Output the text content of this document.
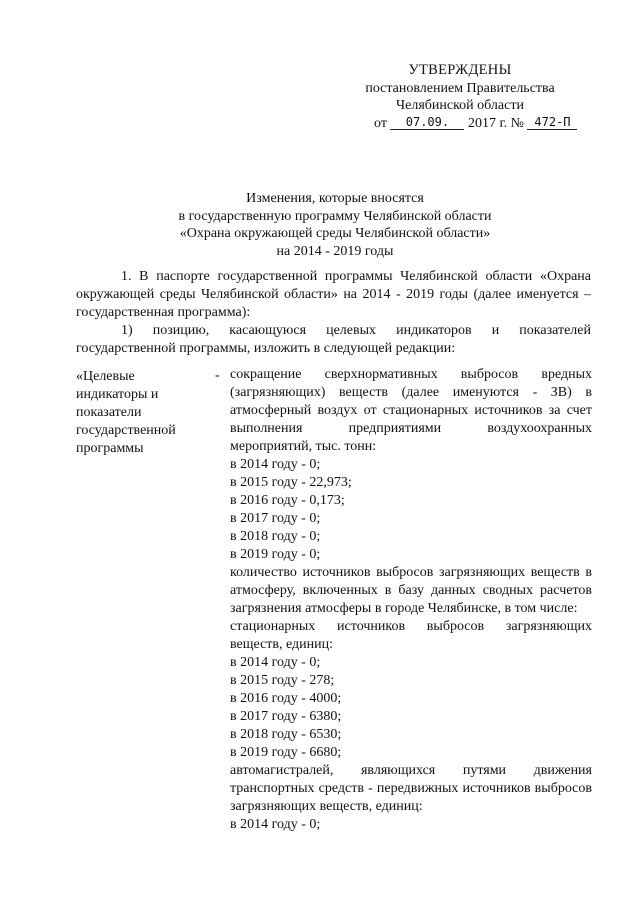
УТВЕРЖДЕНЫ
постановлением Правительства
Челябинской области
от 07.09. 2017 г. № 472-П
Изменения, которые вносятся
в государственную программу Челябинской области
«Охрана окружающей среды Челябинской области»
на 2014 - 2019 годы

1. В паспорте государственной программы Челябинской области «Охрана окружающей среды Челябинской области» на 2014 - 2019 годы (далее именуется – государственная программа):

1) позицию, касающуюся целевых индикаторов и показателей государственной программы, изложить в следующей редакции:

«Целевые индикаторы и показатели государственной программы
- сокращение сверхнормативных выбросов вредных (загрязняющих) веществ (далее именуются - ЗВ) в атмосферный воздух от стационарных источников за счет выполнения предприятиями воздухоохранных мероприятий, тыс. тонн:
в 2014 году - 0;
в 2015 году - 22,973;
в 2016 году - 0,173;
в 2017 году - 0;
в 2018 году - 0;
в 2019 году - 0;
количество источников выбросов загрязняющих веществ в атмосферу, включенных в базу данных сводных расчетов загрязнения атмосферы в городе Челябинске, в том числе:
стационарных источников выбросов загрязняющих веществ, единиц:
в 2014 году - 0;
в 2015 году - 278;
в 2016 году - 4000;
в 2017 году - 6380;
в 2018 году - 6530;
в 2019 году - 6680;
автомагистралей, являющихся путями движения транспортных средств - передвижных источников выбросов загрязняющих веществ, единиц:
в 2014 году - 0;
